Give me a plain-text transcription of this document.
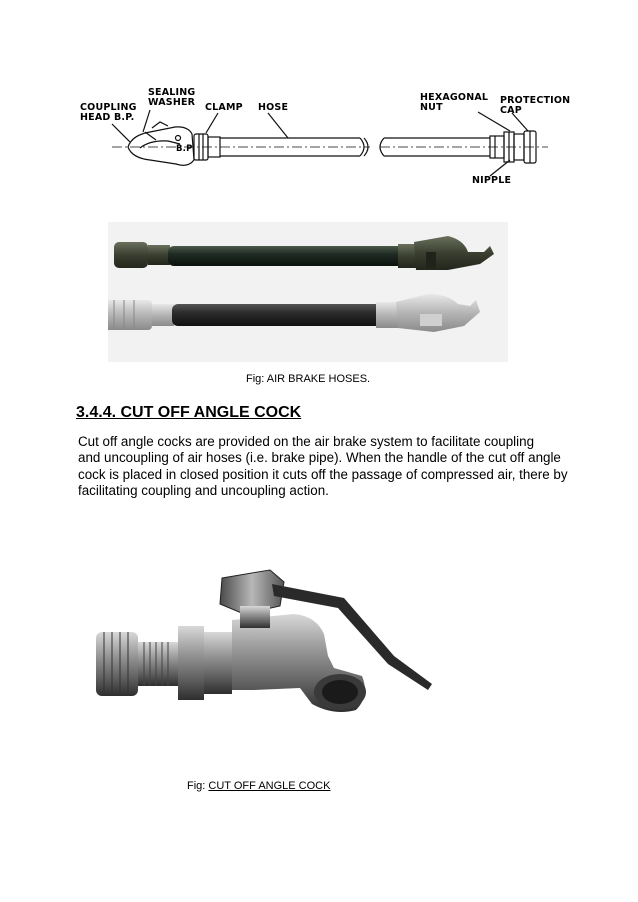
SEALING
WASHER
COUPLING
HEAD B.P.
CLAMP HOSE
HEXAGONAL
NUT
PROTECTION
CAP
B.P
NIPPLE
Fig: AIR BRAKE HOSES.
3.4.4. CUT OFF ANGLE COCK
Cut off angle cocks are provided on the air brake system to facilitate coupling
and uncoupling of air hoses (i.e. brake pipe). When the handle of the cut off angle
cock is placed in closed position it cuts off the passage of compressed air, there by
facilitating coupling and uncoupling action.
Fig: CUT OFF ANGLE COCK
